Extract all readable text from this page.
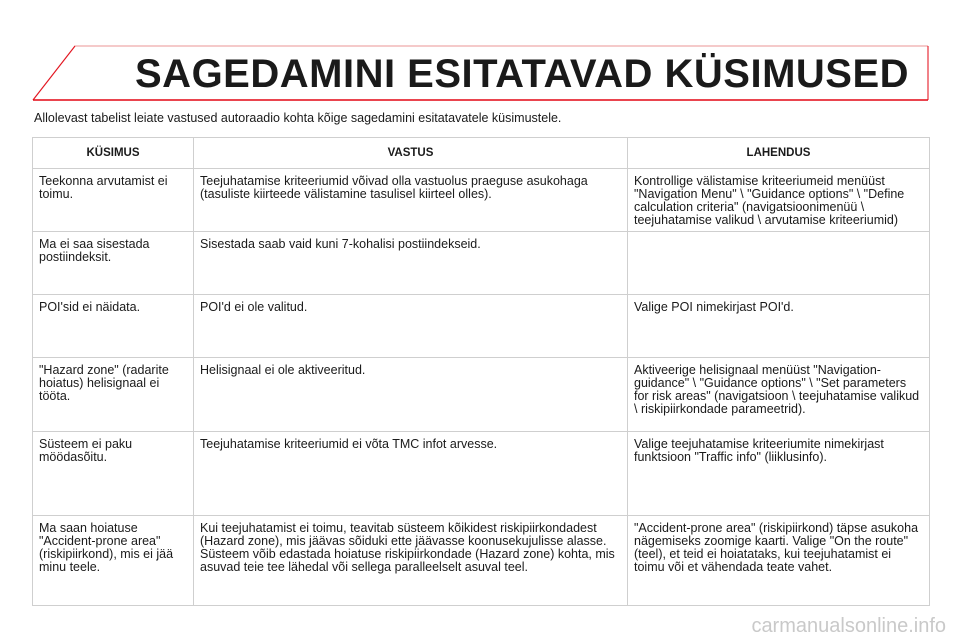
SAGEDAMINI ESITATAVAD KÜSIMUSED
Allolevast tabelist leiate vastused autoraadio kohta kõige sagedamini esitatavatele küsimustele.
KÜSIMUS	VASTUS	LAHENDUS
Teekonna arvutamist ei toimu.	Teejuhatamise kriteeriumid võivad olla vastuolus praeguse asukohaga (tasuliste kiirteede välistamine tasulisel kiirteel olles).	Kontrollige välistamise kriteeriumeid menüüst "Navigation Menu" \ "Guidance options" \ "Define calculation criteria" (navigatsioonimenüü \ teejuhatamise valikud \ arvutamise kriteeriumid)
Ma ei saa sisestada postiindeksit.	Sisestada saab vaid kuni 7-kohalisi postiindekseid.	
POI'sid ei näidata.	POI'd ei ole valitud.	Valige POI nimekirjast POI'd.
"Hazard zone" (radarite hoiatus) helisignaal ei tööta.	Helisignaal ei ole aktiveeritud.	Aktiveerige helisignaal menüüst "Navigation-guidance" \ "Guidance options" \ "Set parameters for risk areas" (navigatsioon \ teejuhatamise valikud \ riskipiirkondade parameetrid).
Süsteem ei paku möödasõitu.	Teejuhatamise kriteeriumid ei võta TMC infot arvesse.	Valige teejuhatamise kriteeriumite nimekirjast funktsioon "Traffic info" (liiklusinfo).
Ma saan hoiatuse "Accident-prone area" (riskipiirkond), mis ei jää minu teele.	Kui teejuhatamist ei toimu, teavitab süsteem kõikidest riskipiirkondadest (Hazard zone), mis jäävas sõiduki ette jäävasse koonusekujulisse alasse. Süsteem võib edastada hoiatuse riskipiirkondade (Hazard zone) kohta, mis asuvad teie tee lähedal või sellega paralleelselt asuval teel.	"Accident-prone area" (riskipiirkond) täpse asukoha nägemiseks zoomige kaarti. Valige "On the route" (teel), et teid ei hoiatataks, kui teejuhatamist ei toimu või et vähendada teate vahet.
carmanualsonline.info
